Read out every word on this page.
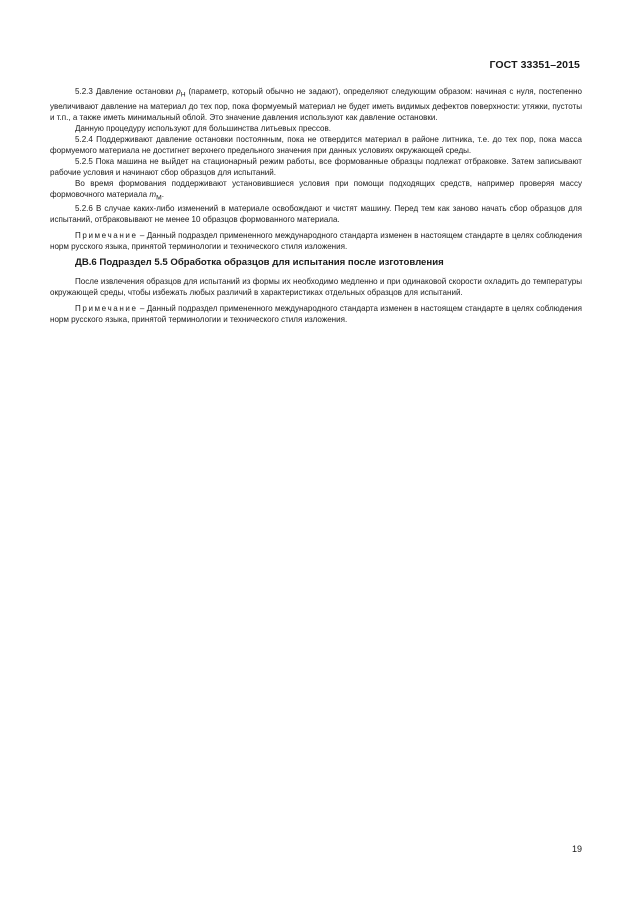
ГОСТ 33351–2015

5.2.3 Давление остановки $p_Н$ (параметр, который обычно не задают), определяют следующим образом: начиная с нуля, постепенно увеличивают давление на материал до тех пор, пока формуемый материал не будет иметь видимых дефектов поверхности: утяжки, пустоты и т.п., а также иметь минимальный облой. Это значение давления используют как давление остановки.

Данную процедуру используют для большинства литьевых прессов.

5.2.4 Поддерживают давление остановки постоянным, пока не отвердится материал в районе литника, т.е. до тех пор, пока масса формуемого материала не достигнет верхнего предельного значения при данных условиях окружающей среды.

5.2.5 Пока машина не выйдет на стационарный режим работы, все формованные образцы подлежат отбраковке. Затем записывают рабочие условия и начинают сбор образцов для испытаний.

Во время формования поддерживают установившиеся условия при помощи подходящих средств, например проверяя массу формовочного материала $m_М$.

5.2.6 В случае каких-либо изменений в материале освобождают и чистят машину. Перед тем как заново начать сбор образцов для испытаний, отбраковывают не менее 10 образцов формованного материала.

Примечание – Данный подраздел примененного международного стандарта изменен в настоящем стандарте в целях соблюдения норм русского языка, принятой терминологии и технического стиля изложения.

ДВ.6 Подраздел 5.5 Обработка образцов для испытания после изготовления

После извлечения образцов для испытаний из формы их необходимо медленно и при одинаковой скорости охладить до температуры окружающей среды, чтобы избежать любых различий в характеристиках отдельных образцов для испытаний.

Примечание – Данный подраздел примененного международного стандарта изменен в настоящем стандарте в целях соблюдения норм русского языка, принятой терминологии и технического стиля изложения.

19
